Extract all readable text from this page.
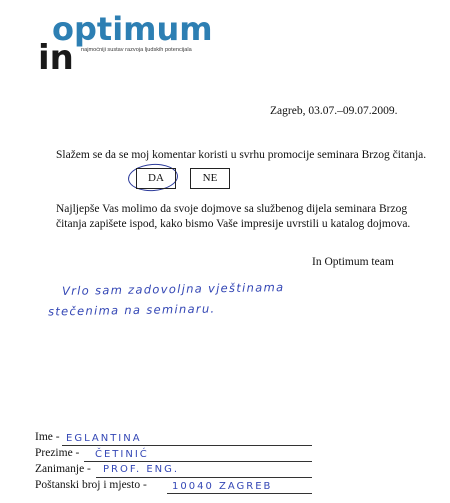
optimum
in najmoćniji sustav razvoja ljudskih potencijala
Zagreb, 03.07.–09.07.2009.
Slažem se da se moj komentar koristi u svrhu promocije seminara Brzog čitanja.
DA	NE
Najljepše Vas molimo da svoje dojmove sa službenog dijela seminara Brzog
čitanja zapišete ispod, kako bismo Vaše impresije uvrstili u katalog dojmova.
In Optimum team
Vrlo sam zadovoljna vještinama
stečenima na seminaru.
Ime - EGLANTINA
Prezime - ČETINIĆ
Zanimanje - PROF. ENG.
Poštanski broj i mjesto -	10040 ZAGREB
